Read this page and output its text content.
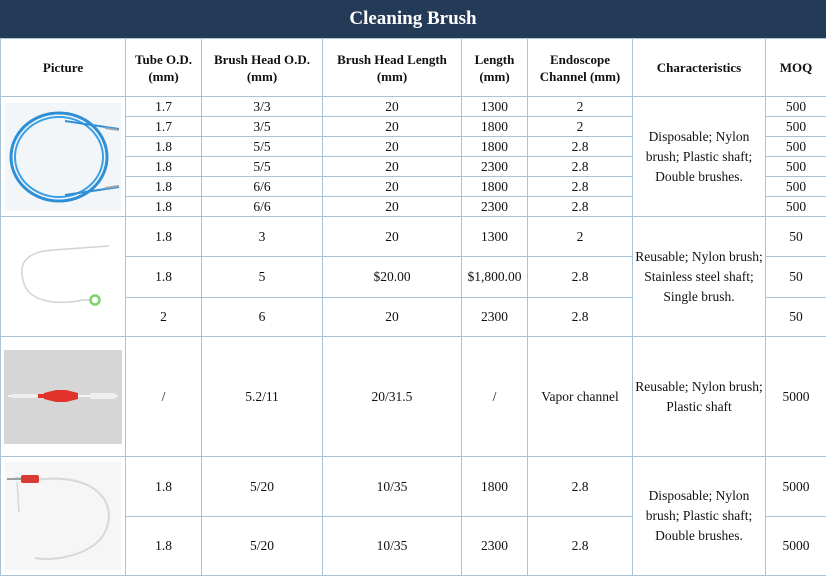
Cleaning Brush
Picture	Tube O.D. (mm)	Brush Head O.D. (mm)	Brush Head Length (mm)	Length (mm)	Endoscope Channel (mm)	Characteristics	MOQ

	1.7	3/3	20	1300	2	Disposable; Nylon brush; Plastic shaft; Double brushes.	500
	1.7	3/5	20	1800	2		500
	1.8	5/5	20	1800	2.8		500
	1.8	5/5	20	2300	2.8		500
	1.8	6/6	20	1800	2.8		500
	1.8	6/6	20	2300	2.8		500

	1.8	3	20	1300	2	Reusable; Nylon brush; Stainless steel shaft; Single brush.	50
	1.8	5	$20.00	$1,800.00	2.8		50
	2	6	20	2300	2.8		50

	/	5.2/11	20/31.5	/	Vapor channel	Reusable; Nylon brush; Plastic shaft	5000

	1.8	5/20	10/35	1800	2.8	Disposable; Nylon brush; Plastic shaft; Double brushes.	5000
	1.8	5/20	10/35	2300	2.8		5000
